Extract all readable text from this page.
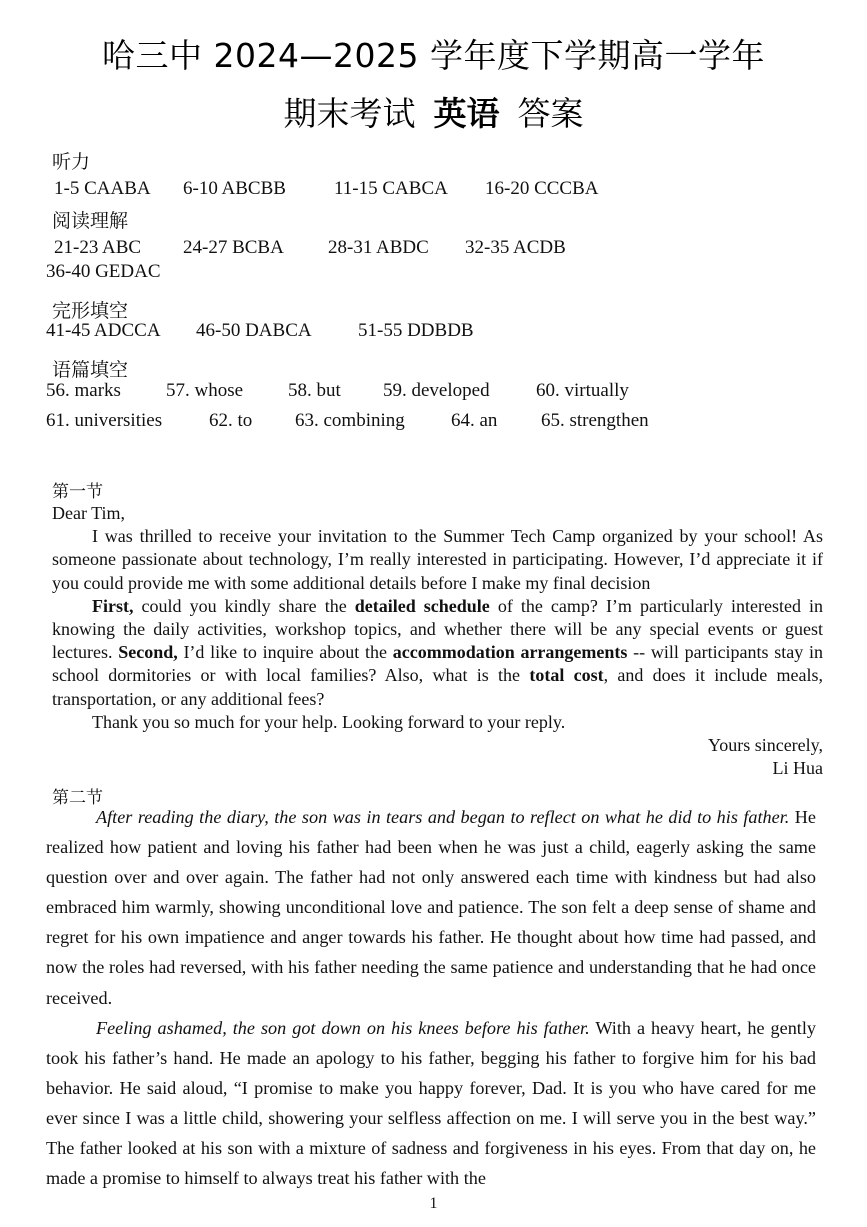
哈三中 2024—2025 学年度下学期高一学年
期末考试 英语 答案
听力
1-5 CAABA 6-10 ABCBB	11-15 CABCA 16-20 CCCBA
阅读理解
21-23 ABC 24-27 BCBA 28-31 ABDC 32-35 ACDB
36-40 GEDAC
完形填空
41-45 ADCCA 46-50 DABCA 51-55 DDBDB
语篇填空
56. marks 57. whose 58. but 59. developed 60. virtually
61. universities 62. to 63. combining 64. an 65. strengthen
第一节

Dear Tim,

I was thrilled to receive your invitation to the Summer Tech Camp organized by your school! As someone passionate about technology, I’m really interested in participating. However, I’d appreciate it if you could provide me with some additional details before I make my final decision

First, could you kindly share the detailed schedule of the camp? I’m particularly interested in knowing the daily activities, workshop topics, and whether there will be any special events or guest lectures. Second, I’d like to inquire about the accommodation arrangements -- will participants stay in school dormitories or with local families? Also, what is the total cost, and does it include meals, transportation, or any additional fees?

Thank you so much for your help. Looking forward to your reply.

Yours sincerely,

Li Hua

第二节

After reading the diary, the son was in tears and began to reflect on what he did to his father. He realized how patient and loving his father had been when he was just a child, eagerly asking the same question over and over again. The father had not only answered each time with kindness but had also embraced him warmly, showing unconditional love and patience. The son felt a deep sense of shame and regret for his own impatience and anger towards his father. He thought about how time had passed, and now the roles had reversed, with his father needing the same patience and understanding that he had once received.

Feeling ashamed, the son got down on his knees before his father. With a heavy heart, he gently took his father’s hand. He made an apology to his father, begging his father to forgive him for his bad behavior. He said aloud, “I promise to make you happy forever, Dad. It is you who have cared for me ever since I was a little child, showering your selfless affection on me. I will serve you in the best way.” The father looked at his son with a mixture of sadness and forgiveness in his eyes. From that day on, he made a promise to himself to always treat his father with the

1
